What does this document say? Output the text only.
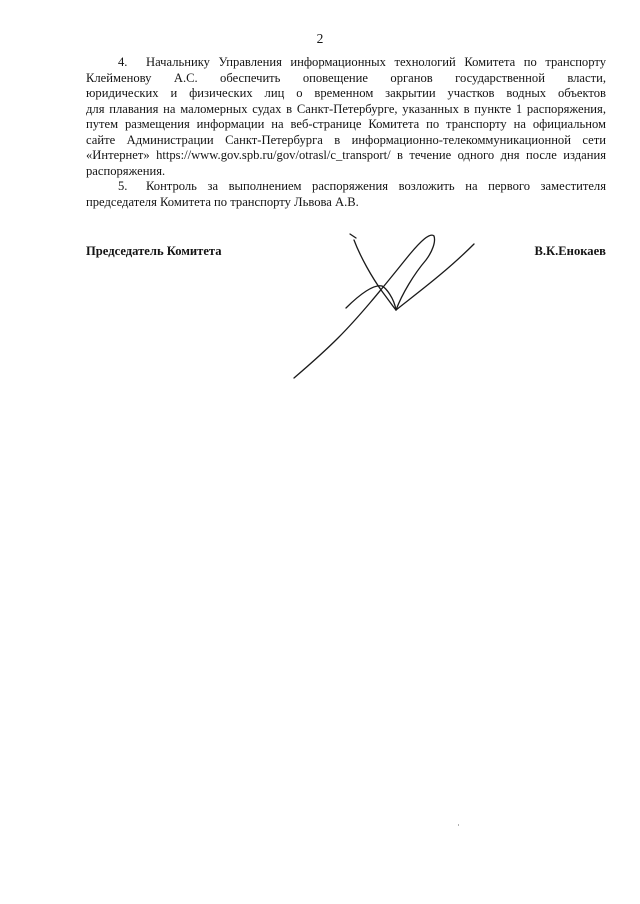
2
4.	Начальнику Управления информационных технологий Комитета по транспорту
Клейменову А.С. обеспечить оповещение органов государственной власти,
юридических и физических лиц о временном закрытии участков водных объектов
для плавания на маломерных судах в Санкт-Петербурге, указанных в пункте 1 распоряжения,
путем размещения информации на веб-странице Комитета по транспорту на официальном
сайте Администрации Санкт-Петербурга в информационно-телекоммуникационной сети
«Интернет» https://www.gov.spb.ru/gov/otrasl/c_transport/ в течение одного дня после издания
распоряжения.
5.	Контроль за выполнением распоряжения возложить на первого заместителя
председателя Комитета по транспорту Львова А.В.
Председатель Комитета	В.К.Енокаев
